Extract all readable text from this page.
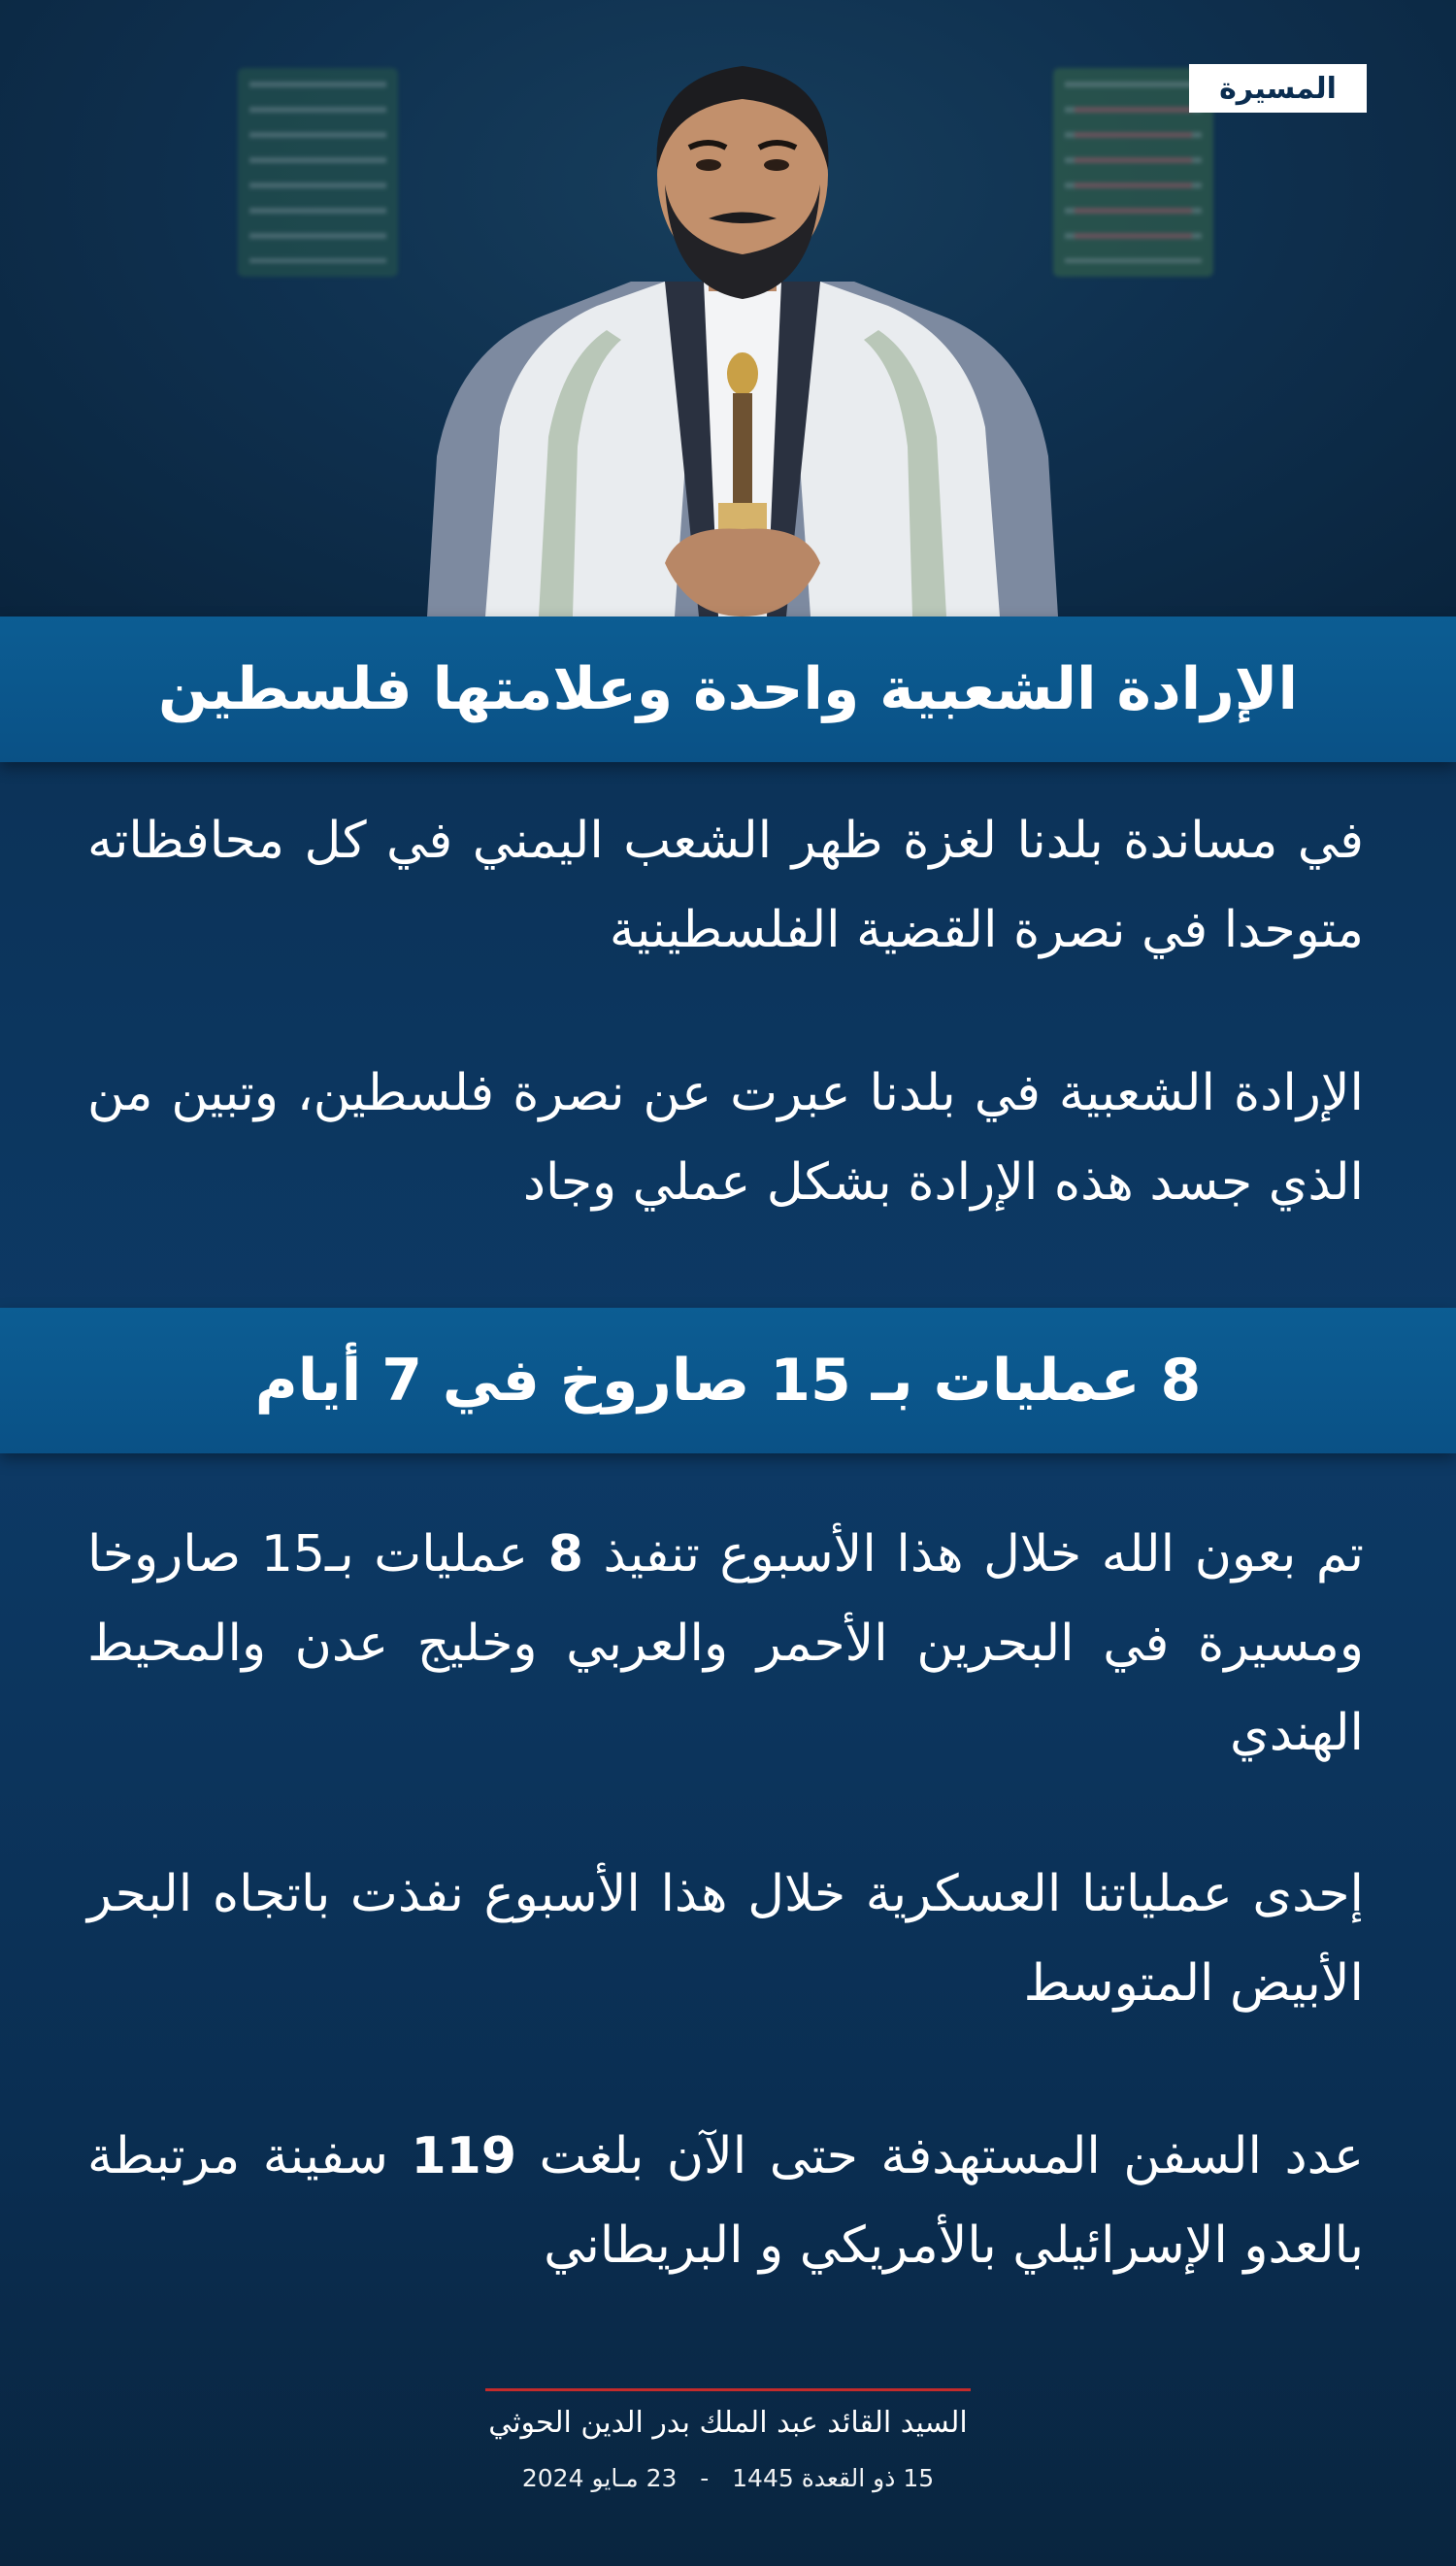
المسيرة
الإرادة الشعبية واحدة وعلامتها فلسطين

في مساندة بلدنا لغزة ظهر الشعب اليمني في كل محافظاته متوحدا في نصرة القضية الفلسطينية

الإرادة الشعبية في بلدنا عبرت عن نصرة فلسطين، وتبين من الذي جسد هذه الإرادة بشكل عملي وجاد

8 عمليات بـ 15 صاروخ في 7 أيام

تم بعون الله خلال هذا الأسبوع تنفيذ 8 عمليات بـ15 صاروخا ومسيرة في البحرين الأحمر والعربي وخليج عدن والمحيط الهندي

إحدى عملياتنا العسكرية خلال هذا الأسبوع نفذت باتجاه البحر الأبيض المتوسط

عدد السفن المستهدفة حتى الآن بلغت 119 سفينة مرتبطة بالعدو الإسرائيلي بالأمريكي و البريطاني

السيد القائد عبد الملك بدر الدين الحوثي
15 ذو القعدة 1445   -   23 مـايو 2024
